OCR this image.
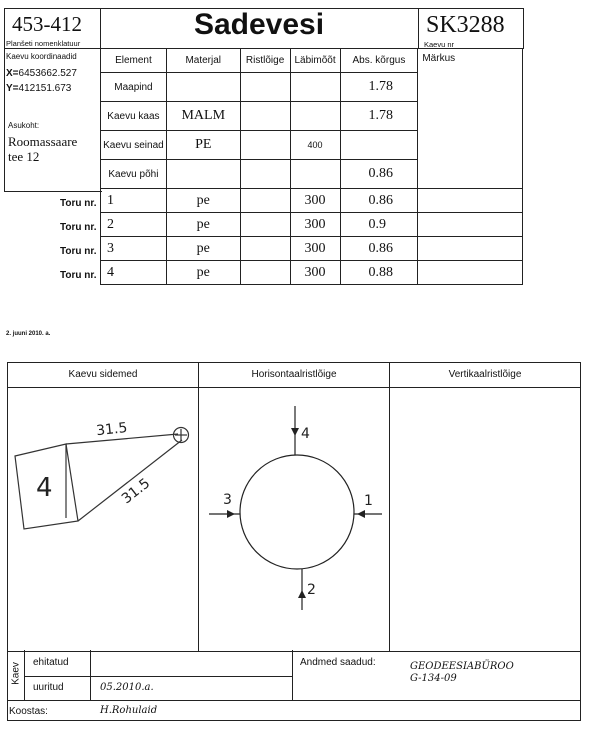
453-412
Planšeti nomenklatuur
Sadevesi	SK3288
Kaevu nr
Kaevu koordinaadid
X=6453662.527
Y=412151.673
Asukoht:
Roomassaare
tee 12
Element	Materjal	Ristlõige	Läbimõõt	Abs. kõrgus	Märkus
Maapind				1.78	
Kaevu kaas	MALM			1.78	
Kaevu seinad	PE		400		
Kaevu põhi				0.86	
1	pe		300	0.86	
2	pe		300	0.9	
3	pe		300	0.86	
4	pe		300	0.88	
Toru nr.
Toru nr.
Toru nr.
Toru nr.
2. juuni 2010. a.
Kaevu sidemed	Horisontaalristlõige	Vertikaalristlõige
31.5
31.5
4
4
3	1
2
Kaev ehitatud
uuritud	05.2010.a.
Andmed saadud:	GEODEESIABÜROO
G-134-09
Koostas:	H.Rohulaid
